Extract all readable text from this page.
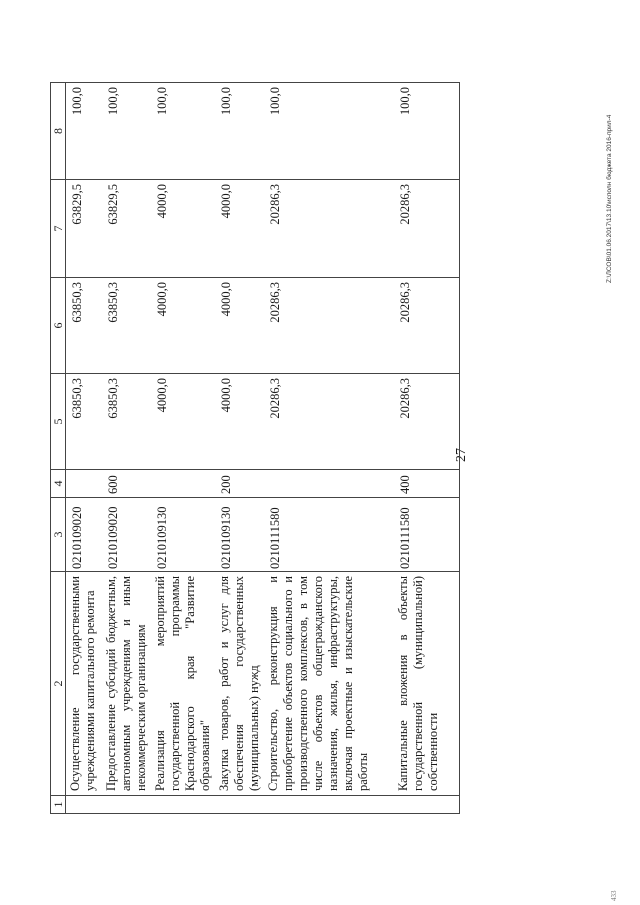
27
1	2	3	4	5	6	7	8
	Осуществление государственными учреждениями капитального ремонта	0210109020		63850,3	63850,3	63829,5	100,0
	Предоставление субсидий бюджетным, автономным учреждениям и иным некоммерческим организациям	0210109020	600	63850,3	63850,3	63829,5	100,0
	Реализация мероприятий государственной программы Краснодарского края "Развитие образования"	0210109130		4000,0	4000,0	4000,0	100,0
	Закупка товаров, работ и услуг для обеспечения государственных (муниципальных) нужд	0210109130	200	4000,0	4000,0	4000,0	100,0
	Строительство, реконструкция и приобретение объектов социального и производственного комплексов, в том числе объектов общегражданского назначения, жилья, инфраструктуры, включая проектные и изыскательские работы	0210111580		20286,3	20286,3	20286,3	100,0
	Капитальные вложения в объекты государственной (муниципальной) собственности	0210111580	400	20286,3	20286,3	20286,3	100,0
Z:\ЛСОВ\01.06.2017\13.10\исполн бюджета 2016-прил-4
433
